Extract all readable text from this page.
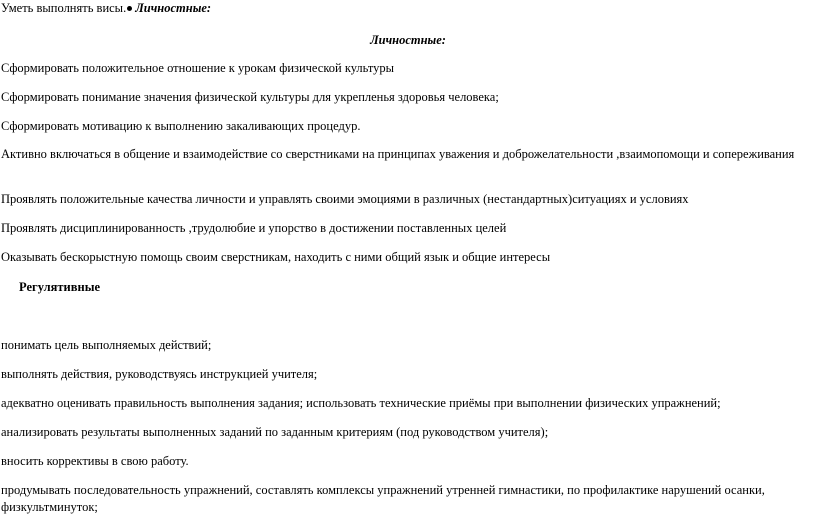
Уметь выполнять висы. Личностные:
Личностные:
Сформировать положительное отношение к урокам физической культуры
Сформировать понимание значения физической культуры для укрепленья здоровья человека;
Сформировать мотивацию к выполнению закаливающих процедур.
Активно включаться в общение и взаимодействие со сверстниками на принципах уважения и доброжелательности ,взаимопомощи и сопереживания
Проявлять положительные качества личности и управлять своими эмоциями в различных (нестандартных)ситуациях и условиях
Проявлять дисциплинированность ,трудолюбие и упорство в достижении поставленных целей
Оказывать бескорыстную помощь своим сверстникам, находить с ними общий язык и общие интересы
Регулятивные
понимать цель выполняемых действий;
выполнять действия, руководствуясь инструкцией учителя;
адекватно оценивать правильность выполнения задания; использовать технические приёмы при выполнении физических упражнений;
анализировать результаты выполненных заданий по заданным критериям (под руководством учителя);
вносить коррективы в свою работу.
продумывать последовательность упражнений, составлять комплексы упражнений утренней гимнастики, по профилактике нарушений осанки, физкультминуток;
